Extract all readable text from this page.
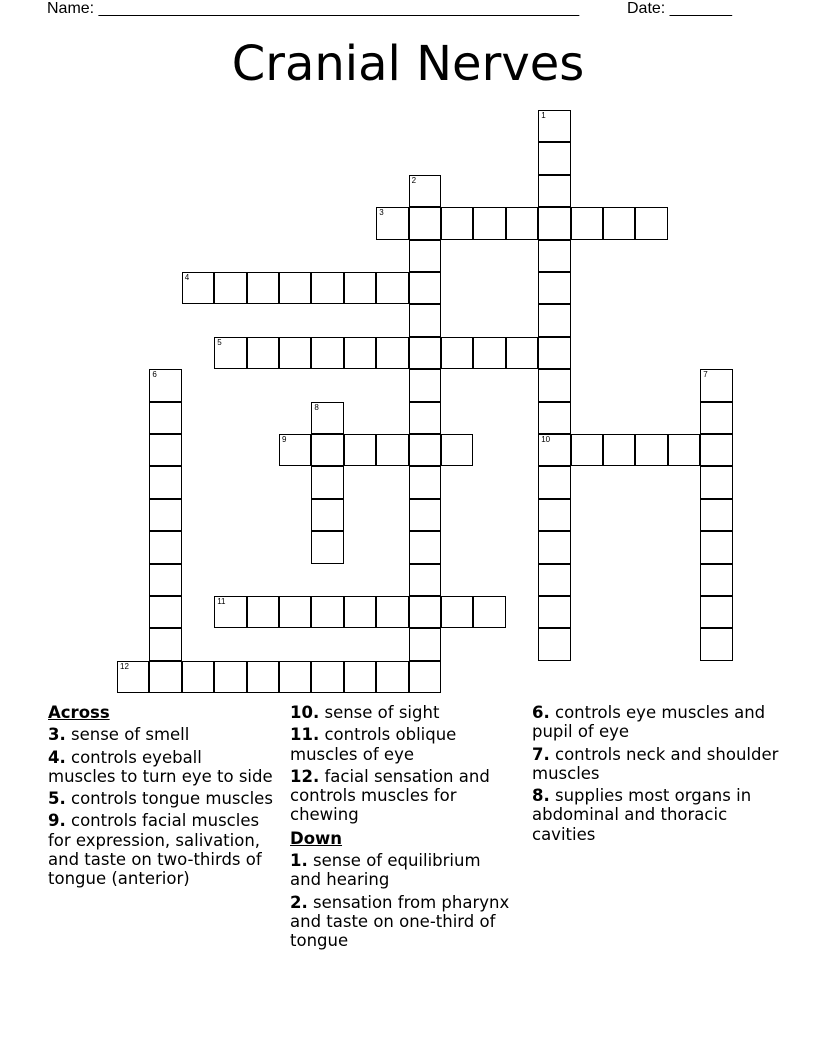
Name: ______________________________________________________	Date: _______
Cranial Nerves
1
10
2
3
4
5
6	7
8
9
11
12
Across
3. sense of smell
4. controls eyeball muscles to turn eye to side
5. controls tongue muscles
9. controls facial muscles for expression, salivation, and taste on two-thirds of tongue (anterior)
10. sense of sight
11. controls oblique muscles of eye
12. facial sensation and controls muscles for chewing
Down
1. sense of equilibrium and hearing
2. sensation from pharynx and taste on one-third of tongue
6. controls eye muscles and pupil of eye
7. controls neck and shoulder muscles
8. supplies most organs in abdominal and thoracic cavities
